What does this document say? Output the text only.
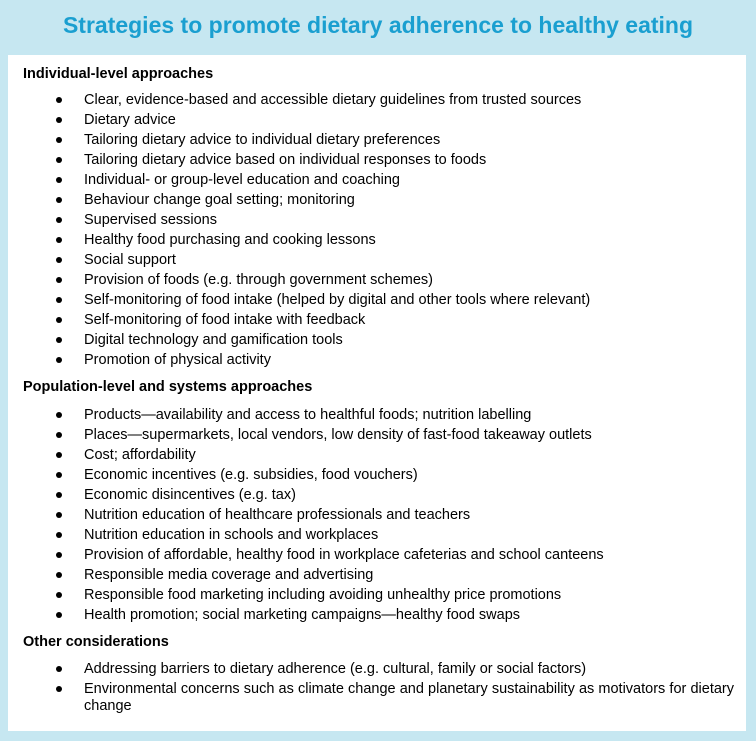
Strategies to promote dietary adherence to healthy eating
Individual-level approaches
Clear, evidence-based and accessible dietary guidelines from trusted sources
Dietary advice
Tailoring dietary advice to individual dietary preferences
Tailoring dietary advice based on individual responses to foods
Individual- or group-level education and coaching
Behaviour change goal setting; monitoring
Supervised sessions
Healthy food purchasing and cooking lessons
Social support
Provision of foods (e.g. through government schemes)
Self-monitoring of food intake (helped by digital and other tools where relevant)
Self-monitoring of food intake with feedback
Digital technology and gamification tools
Promotion of physical activity
Population-level and systems approaches
Products—availability and access to healthful foods; nutrition labelling
Places—supermarkets, local vendors, low density of fast-food takeaway outlets
Cost; affordability
Economic incentives (e.g. subsidies, food vouchers)
Economic disincentives (e.g. tax)
Nutrition education of healthcare professionals and teachers
Nutrition education in schools and workplaces
Provision of affordable, healthy food in workplace cafeterias and school canteens
Responsible media coverage and advertising
Responsible food marketing including avoiding unhealthy price promotions
Health promotion; social marketing campaigns—healthy food swaps
Other considerations
Addressing barriers to dietary adherence (e.g. cultural, family or social factors)
Environmental concerns such as climate change and planetary sustainability as motivators for dietary change
